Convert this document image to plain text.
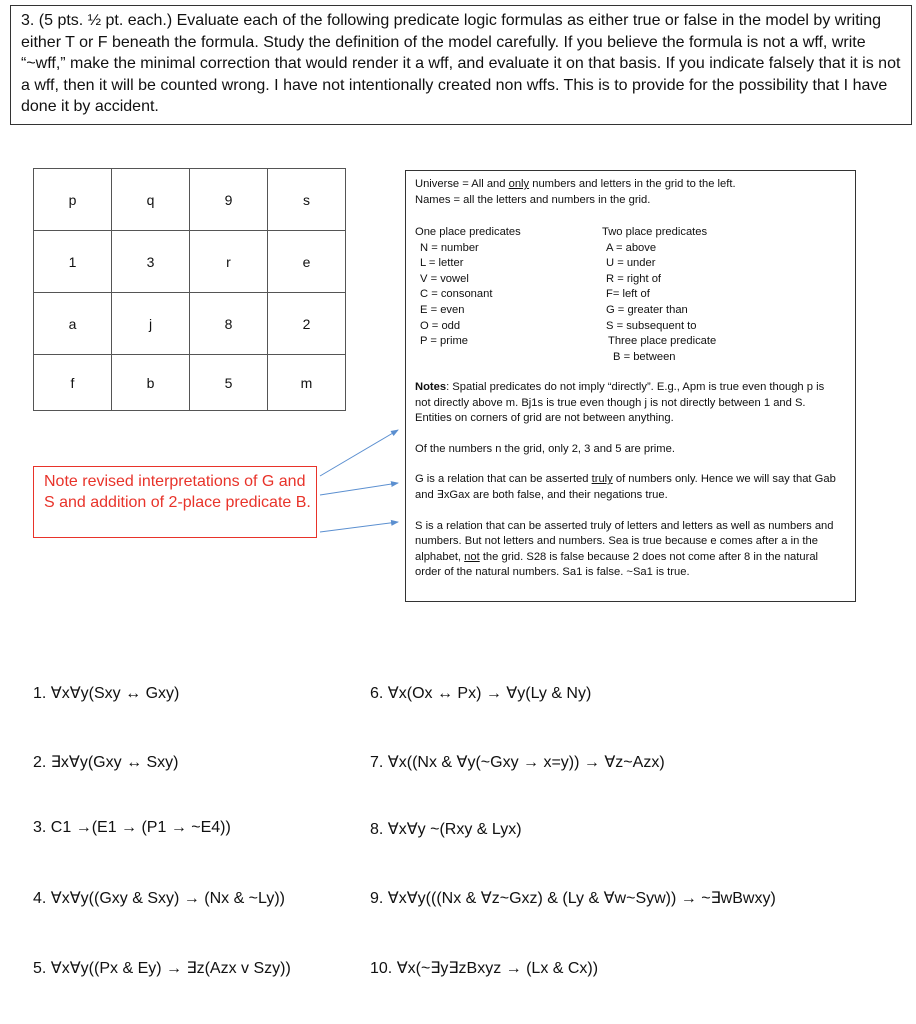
3. (5 pts. ½ pt. each.) Evaluate each of the following predicate logic formulas as either true or false in the model by writing either T or F beneath the formula. Study the definition of the model carefully. If you believe the formula is not a wff, write “~wff,” make the minimal correction that would render it a wff, and evaluate it on that basis. If you indicate falsely that it is not a wff, then it will be counted wrong. I have not intentionally created non wffs. This is to provide for the possibility that I have done it by accident.
p	q	9	s
1	3	r	e
a	j	8	2
f	b	5	m

Universe = All and only numbers and letters in the grid to the left.

Names = all the letters and numbers in the grid.

One place predicates
N = number
L = letter
V = vowel
C = consonant
E = even
O = odd
P = prime
Two place predicates
A = above
U = under
R = right of
F= left of
G = greater than
S = subsequent to
Three place predicate
B = between

Notes: Spatial predicates do not imply “directly”. E.g., Apm is true even though p is not directly above m. Bj1s is true even though j is not directly between 1 and S. Entities on corners of grid are not between anything.

Of the numbers n the grid, only 2, 3 and 5 are prime.

G is a relation that can be asserted truly of numbers only. Hence we will say that Gab and ∃xGax are both false, and their negations true.

S is a relation that can be asserted truly of letters and letters as well as numbers and numbers. But not letters and numbers. Sea is true because e comes after a in the alphabet, not the grid. S28 is false because 2 does not come after 8 in the natural order of the natural numbers. Sa1 is false. ~Sa1 is true.

Note revised interpretations of G and S and addition of 2-place predicate B.
1. ∀x∀y(Sxy ↔ Gxy)
2. ∃x∀y(Gxy ↔ Sxy)
3. C1 →(E1 → (P1 → ~E4))
4. ∀x∀y((Gxy & Sxy) → (Nx & ~Ly))
5. ∀x∀y((Px & Ey) → ∃z(Azx v Szy))
6. ∀x(Ox ↔ Px) → ∀y(Ly & Ny)
7. ∀x((Nx & ∀y(~Gxy → x=y)) → ∀z~Azx)
8. ∀x∀y ~(Rxy & Lyx)
9. ∀x∀y(((Nx & ∀z~Gxz) & (Ly & ∀w~Syw)) → ~∃wBwxy)
10. ∀x(~∃y∃zBxyz → (Lx & Cx))
